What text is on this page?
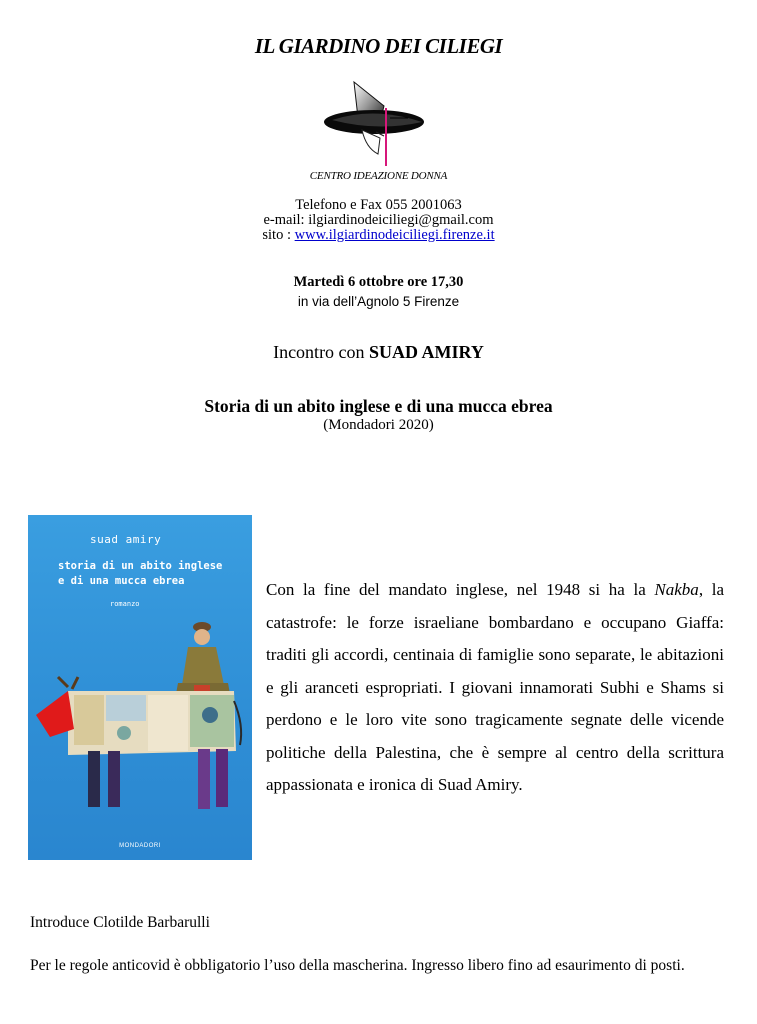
IL GIARDINO DEI CILIEGI
CENTRO IDEAZIONE DONNA
Telefono e Fax 055 2001063
e-mail: ilgiardinodeiciliegi@gmail.com
sito : www.ilgiardinodeiciliegi.firenze.it
Martedì 6 ottobre ore 17,30
in via dell’Agnolo 5 Firenze
Incontro con SUAD AMIRY
Storia di un abito inglese e di una mucca ebrea
(Mondadori 2020)
suad amiry
storia di un abito inglese
e di una mucca ebrea
romanzo
MONDADORI
Con la fine del mandato inglese, nel 1948 si ha la Nakba, la catastrofe: le forze israeliane bombardano e occupano Giaffa: traditi gli accordi, centinaia di famiglie sono separate, le abitazioni e gli aranceti espropriati. I giovani innamorati Subhi e Shams si perdono e le loro vite sono tragicamente segnate delle vicende politiche della Palestina, che è sempre al centro della scrittura appassionata e ironica di Suad Amiry.
Introduce Clotilde Barbarulli
Per le regole anticovid è obbligatorio l’uso della mascherina. Ingresso libero fino ad esaurimento di posti.
